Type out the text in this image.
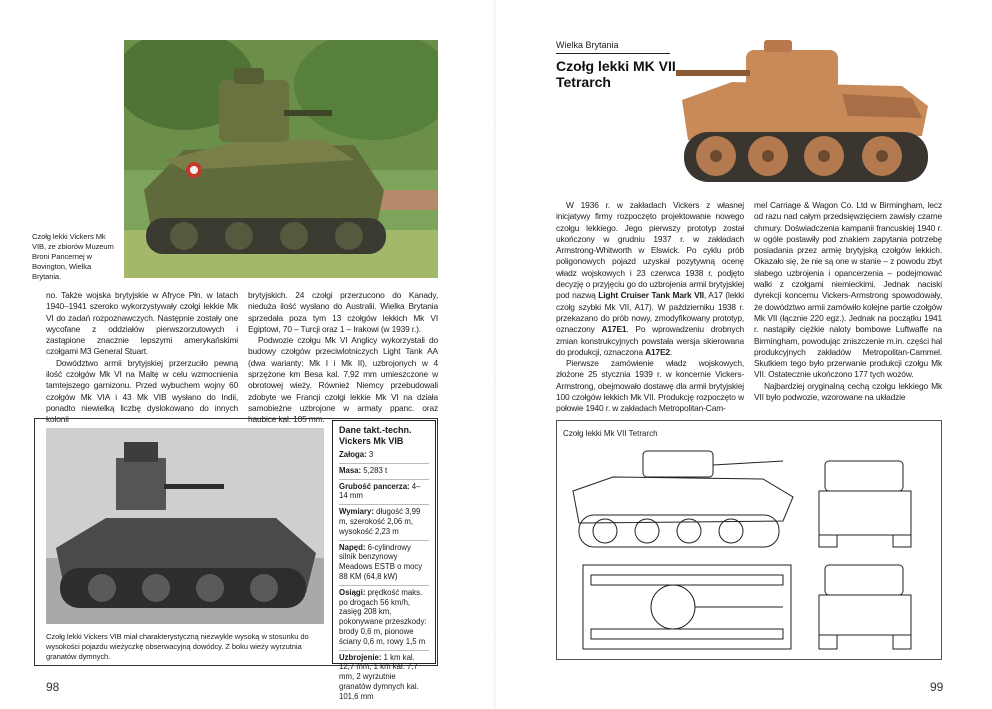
Czołg lekki Vickers Mk VIB, ze zbiorów Muzeum Broni Pancernej w Bovington, Wielka Brytania.

no. Także wojska brytyjskie w Afryce Płn. w latach 1940–1941 szeroko wykorzystywały czołgi lekkie Mk VI do zadań rozpoznawczych. Następnie zostały one wycofane z oddziałów pierwszorzutowych i zastąpione znacznie lepszymi amerykańskimi czołgami M3 General Stuart.

Dowództwo armii brytyjskiej przerzuciło pewną ilość czołgów Mk VI na Maltę w celu wzmocnienia tamtejszego garnizonu. Przed wybuchem wojny 60 czołgów Mk VIA i 43 Mk VIB wysłano do Indii, ponadto niewielką liczbę dyslokowano do innych kolonii

brytyjskich. 24 czołgi przerzucono do Kanady, nieduża ilość wysłano do Australii. Wielka Brytania sprzedała poza tym 13 czołgów lekkich Mk VI Egiptowi, 70 – Turcji oraz 1 – Irakowi (w 1939 r.).

Podwozie czołgu Mk VI Anglicy wykorzystali do budowy czołgów przeciwlotniczych Light Tank AA (dwa warianty: Mk I i Mk II), uzbrojonych w 4 sprzężone km Besa kal. 7,92 mm umieszczone w obrotowej wieży. Również Niemcy przebudowali zdobyte we Francji czołgi lekkie Mk VI na działa samobieżne uzbrojone w armaty ppanc. oraz haubice kal. 105 mm.

Czołg lekki Vickers VIB miał charakterystyczną niezwykle wysoką w stosunku do wysokości pojazdu wieżyczkę obserwacyjną dowódcy. Z boku wieży wyrzutnia granatów dymnych.
Dane takt.-techn.
Vickers Mk VIB
Załoga: 3
Masa: 5,283 t
Grubość pancerza: 4–14 mm
Wymiary: długość 3,99 m, szerokość 2,06 m, wysokość 2,23 m
Napęd: 6-cylindrowy silnik benzynowy Meadows ESTB o mocy 88 KM (64,8 kW)
Osiągi: prędkość maks. po drogach 56 km/h, zasięg 208 km, pokonywane przeszkody: brody 0,6 m, pionowe ściany 0,6 m, rowy 1,5 m
Uzbrojenie: 1 km kal. 12,7 mm, 1 km kal. 7,7 mm, 2 wyrzutnie granatów dymnych kal. 101,6 mm
98
Wielka Brytania
Czołg lekki MK VII
Tetrarch

W 1936 r. w zakładach Vickers z własnej inicjatywy firmy rozpoczęto projektowanie nowego czołgu lekkiego. Jego pierwszy prototyp został ukończony w grudniu 1937 r. w zakładach Armstrong-Whitworth w Elswick. Po cyklu prób poligonowych pojazd uzyskał pozytywną ocenę władz wojskowych i 23 czerwca 1938 r. podjęto decyzję o przyjęciu go do uzbrojenia armii brytyjskiej pod nazwą Light Cruiser Tank Mark VII, A17 (lekki czołg szybki Mk VII, A17). W październiku 1938 r. przekazano do prób nowy, zmodyfikowany prototyp, oznaczony A17E1. Po wprowadzeniu drobnych zmian konstrukcyjnych powstała wersja skierowana do produkcji, oznaczona A17E2.

Pierwsze zamówienie władz wojskowych, złożone 25 stycznia 1939 r. w koncernie Vickers-Armstrong, obejmowało dostawę dla armii brytyjskiej 100 czołgów lekkich Mk VII. Produkcję rozpoczęto w połowie 1940 r. w zakładach Metropolitan-Cam-

mel Carriage & Wagon Co. Ltd w Birmingham, lecz od razu nad całym przedsięwzięciem zawisły czarne chmury. Doświadczenia kampanii francuskiej 1940 r. w ogóle postawiły pod znakiem zapytania potrzebę posiadania przez armię brytyjską czołgów lekkich. Okazało się, że nie są one w stanie – z powodu zbyt słabego uzbrojenia i opancerzenia – podejmować walki z czołgami niemieckimi. Jednak naciski dyrekcji koncernu Vickers-Armstrong spowodowały, że dowództwo armii zamówiło kolejne partie czołgów Mk VII (łącznie 220 egz.). Jednak na początku 1941 r. nastąpiły ciężkie naloty bombowe Luftwaffe na Birmingham, powodując zniszczenie m.in. części hal produkcyjnych zakładów Metropolitan-Cammel. Skutkiem tego było przerwanie produkcji czołgu Mk VII. Ostatecznie ukończono 177 tych wozów.

Najbardziej oryginalną cechą czołgu lekkiego Mk VII było podwozie, wzorowane na układzie

Czołg lekki Mk VII Tetrarch
99
